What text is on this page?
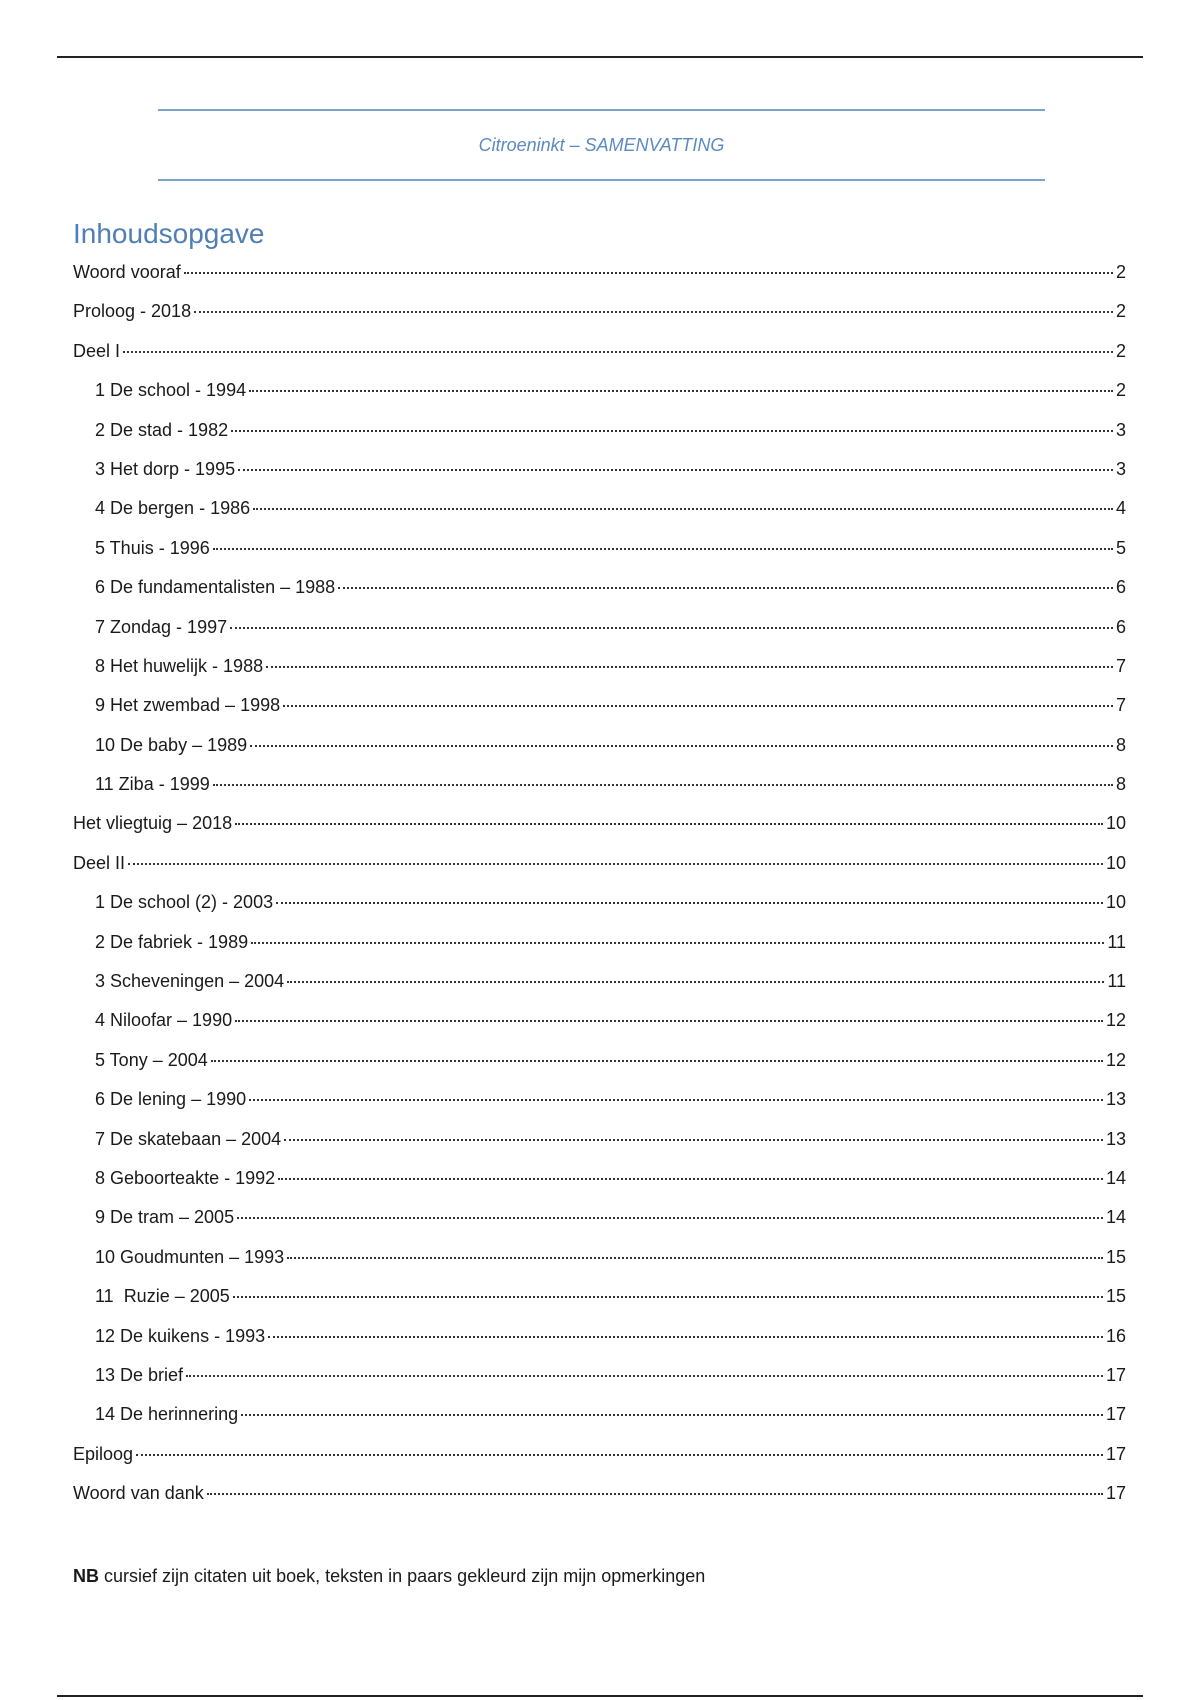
Citroeninkt – SAMENVATTING
Inhoudsopgave
Woord vooraf	2
Proloog - 2018	2
Deel I	2
1 De school - 1994	2
2 De stad - 1982	3
3 Het dorp - 1995	3
4 De bergen - 1986	4
5 Thuis - 1996	5
6 De fundamentalisten – 1988	6
7 Zondag - 1997	6
8 Het huwelijk - 1988	7
9 Het zwembad – 1998	7
10 De baby – 1989	8
11 Ziba - 1999	8
Het vliegtuig – 2018	10
Deel II	10
1 De school (2) - 2003	10
2 De fabriek - 1989	11
3 Scheveningen – 2004	11
4 Niloofar – 1990	12
5 Tony – 2004	12
6 De lening – 1990	13
7 De skatebaan – 2004	13
8 Geboorteakte - 1992	14
9 De tram – 2005	14
10 Goudmunten – 1993	15
11  Ruzie – 2005	15
12 De kuikens - 1993	16
13 De brief	17
14 De herinnering	17
Epiloog	17
Woord van dank	17
NB cursief zijn citaten uit boek, teksten in paars gekleurd zijn mijn opmerkingen
